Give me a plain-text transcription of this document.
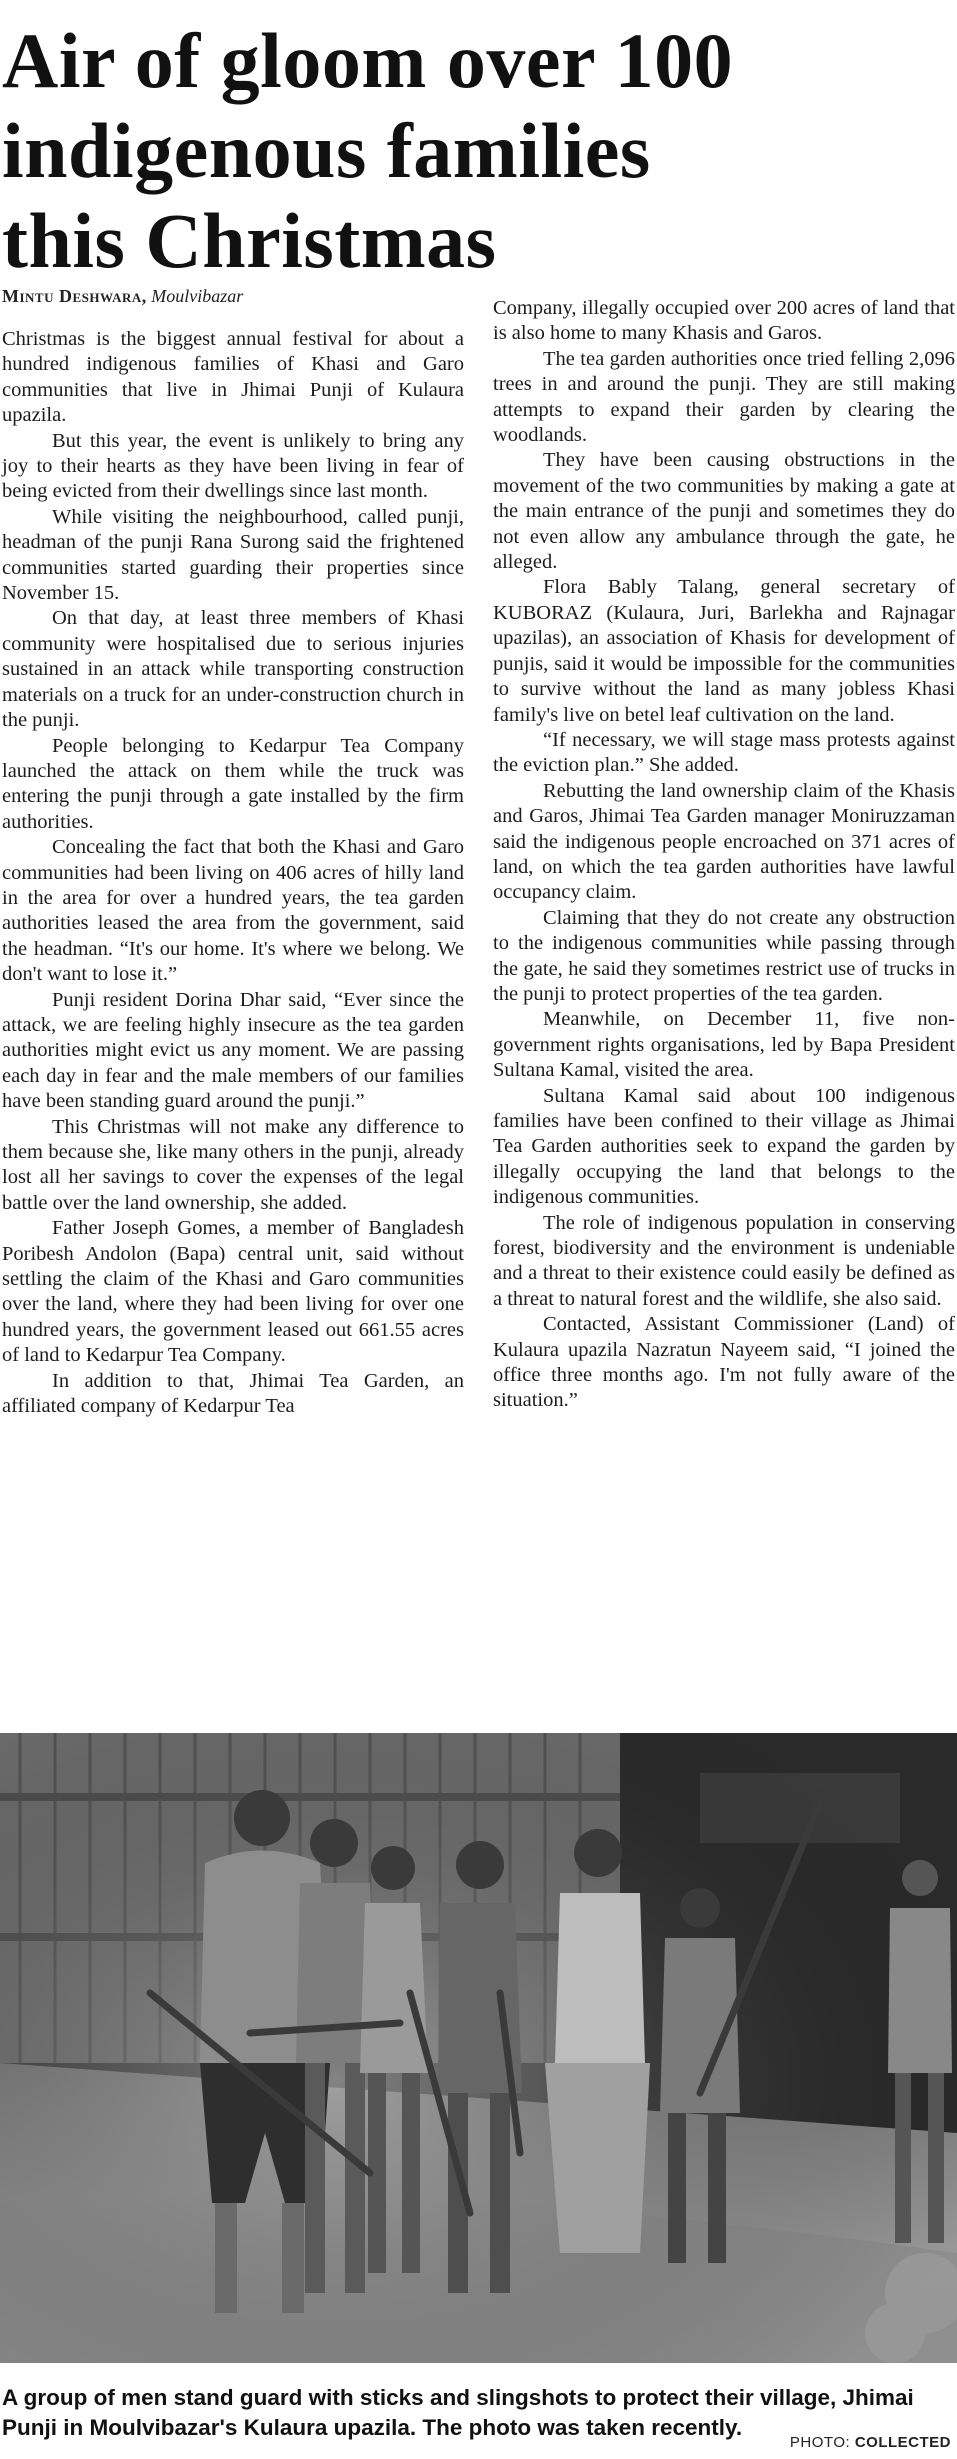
Air of gloom over 100
indigenous families
this Christmas
Mintu Deshwara, Moulvibazar

Christmas is the biggest annual festival for about a hundred indigenous families of Khasi and Garo communities that live in Jhimai Punji of Kulaura upazila.

But this year, the event is unlikely to bring any joy to their hearts as they have been living in fear of being evicted from their dwellings since last month.

While visiting the neighbourhood, called punji, headman of the punji Rana Surong said the frightened communities started guarding their properties since November 15.

On that day, at least three members of Khasi community were hospitalised due to serious injuries sustained in an attack while transporting construction materials on a truck for an under-construction church in the punji.

People belonging to Kedarpur Tea Company launched the attack on them while the truck was entering the punji through a gate installed by the firm authorities.

Concealing the fact that both the Khasi and Garo communities had been living on 406 acres of hilly land in the area for over a hundred years, the tea garden authorities leased the area from the government, said the headman. “It's our home. It's where we belong. We don't want to lose it.”

Punji resident Dorina Dhar said, “Ever since the attack, we are feeling highly insecure as the tea garden authorities might evict us any moment. We are passing each day in fear and the male members of our families have been standing guard around the punji.”

This Christmas will not make any difference to them because she, like many others in the punji, already lost all her savings to cover the expenses of the legal battle over the land ownership, she added.

Father Joseph Gomes, a member of Bangladesh Poribesh Andolon (Bapa) central unit, said without settling the claim of the Khasi and Garo communities over the land, where they had been living for over one hundred years, the government leased out 661.55 acres of land to Kedarpur Tea Company.

In addition to that, Jhimai Tea Garden, an affiliated company of Kedarpur Tea

Company, illegally occupied over 200 acres of land that is also home to many Khasis and Garos.

The tea garden authorities once tried felling 2,096 trees in and around the punji. They are still making attempts to expand their garden by clearing the woodlands.

They have been causing obstructions in the movement of the two communities by making a gate at the main entrance of the punji and sometimes they do not even allow any ambulance through the gate, he alleged.

Flora Bably Talang, general secretary of KUBORAZ (Kulaura, Juri, Barlekha and Rajnagar upazilas), an association of Khasis for development of punjis, said it would be impossible for the communities to survive without the land as many jobless Khasi family's live on betel leaf cultivation on the land.

“If necessary, we will stage mass protests against the eviction plan.” She added.

Rebutting the land ownership claim of the Khasis and Garos, Jhimai Tea Garden manager Moniruzzaman said the indigenous people encroached on 371 acres of land, on which the tea garden authorities have lawful occupancy claim.

Claiming that they do not create any obstruction to the indigenous communities while passing through the gate, he said they sometimes restrict use of trucks in the punji to protect properties of the tea garden.

Meanwhile, on December 11, five non-government rights organisations, led by Bapa President Sultana Kamal, visited the area.

Sultana Kamal said about 100 indigenous families have been confined to their village as Jhimai Tea Garden authorities seek to expand the garden by illegally occupying the land that belongs to the indigenous communities.

The role of indigenous population in conserving forest, biodiversity and the environment is undeniable and a threat to their existence could easily be defined as a threat to natural forest and the wildlife, she also said.

Contacted, Assistant Commissioner (Land) of Kulaura upazila Nazratun Nayeem said, “I joined the office three months ago. I'm not fully aware of the situation.”

A group of men stand guard with sticks and slingshots to protect their village, Jhimai Punji in Moulvibazar's Kulaura upazila. The photo was taken recently.
PHOTO: COLLECTED
